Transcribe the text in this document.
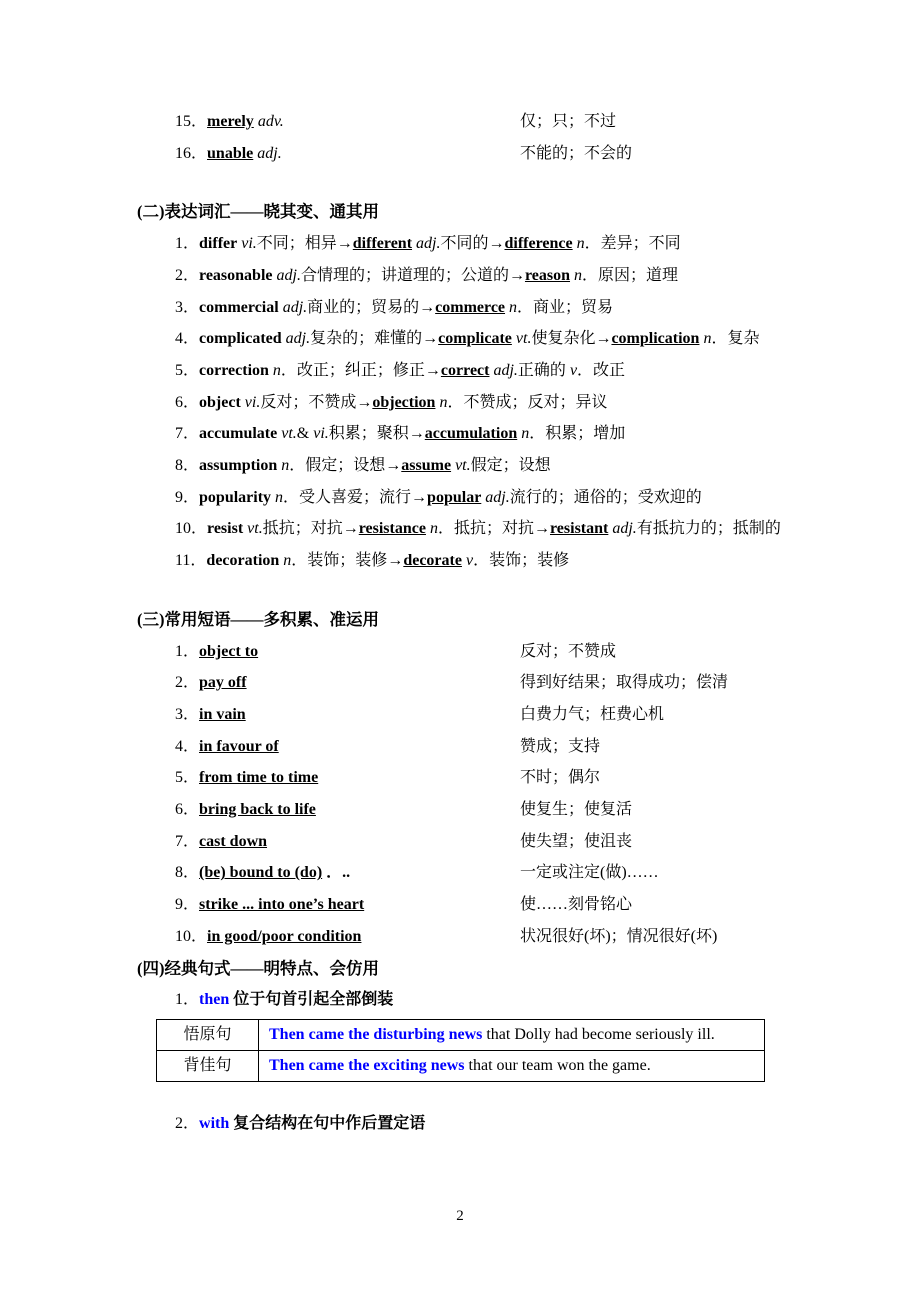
15．merely adv.	仅；只；不过
16．unable adj.	不能的；不会的
(二)表达词汇——晓其变、通其用

1．differ vi.不同；相异→different adj.不同的→difference n．差异；不同

2．reasonable adj.合情理的；讲道理的；公道的→reason n．原因；道理

3．commercial adj.商业的；贸易的→commerce n．商业；贸易

4．complicated adj.复杂的；难懂的→complicate vt.使复杂化→complication n．复杂

5．correction n．改正；纠正；修正→correct adj.正确的 v．改正

6．object vi.反对；不赞成→objection n．不赞成；反对；异议

7．accumulate vt.& vi.积累；聚积→accumulation n．积累；增加

8．assumption n．假定；设想→assume vt.假定；设想

9．popularity n．受人喜爱；流行→popular adj.流行的；通俗的；受欢迎的

10．resist vt.抵抗；对抗→resistance n．抵抗；对抗→resistant adj.有抵抗力的；抵制的

11．decoration n．装饰；装修→decorate v．装饰；装修

(三)常用短语——多积累、准运用
1．object to	反对；不赞成
2．pay off	得到好结果；取得成功；偿清
3．in vain	白费力气；枉费心机
4．in favour of	赞成；支持
5．from time to time	不时；偶尔
6．bring back to life	使复生；使复活
7．cast down	使失望；使沮丧
8．(be) bound to (do) ．..	一定或注定(做)……
9．strike ... into one’s heart	使……刻骨铭心
10．in good/poor condition	状况很好(坏)；情况很好(坏)
(四)经典句式——明特点、会仿用

1．then 位于句首引起全部倒装

悟原句	Then came the disturbing news that Dolly had become seriously ill.
背佳句	Then came the exciting news that our team won the game.

2．with 复合结构在句中作后置定语

2
